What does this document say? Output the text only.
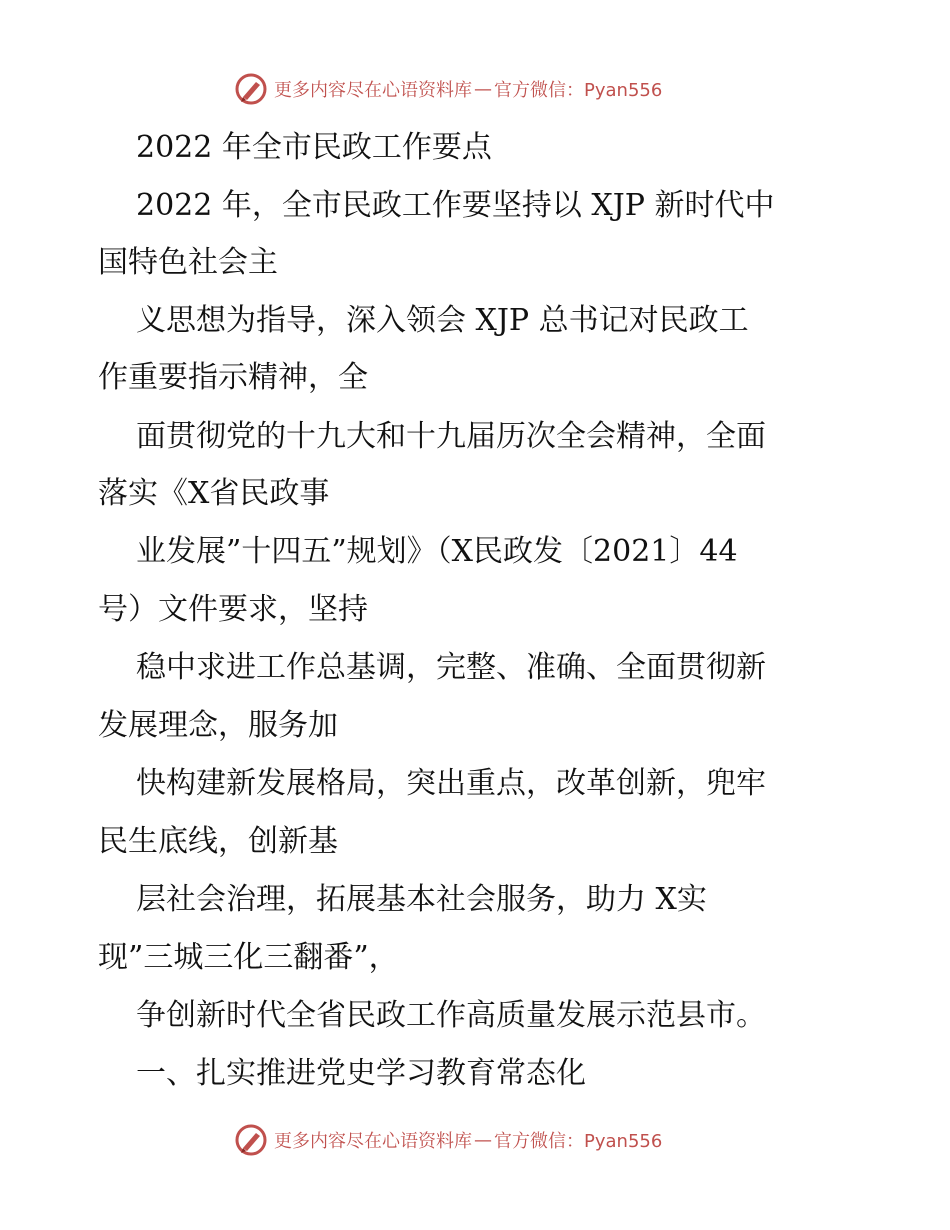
更多内容尽在心语资料库 — 官方微信：Pyan556
2022 年全市民政工作要点
2022 年，全市民政工作要坚持以 XJP 新时代中
国特色社会主
义思想为指导，深入领会 XJP 总书记对民政工
作重要指示精神，全
面贯彻党的十九大和十九届历次全会精神，全面
落实《X省民政事
业发展”十四五”规划》（X民政发〔2021〕44
号）文件要求，坚持
稳中求进工作总基调，完整、准确、全面贯彻新
发展理念，服务加
快构建新发展格局，突出重点，改革创新，兜牢
民生底线，创新基
层社会治理，拓展基本社会服务，助力 X实
现”三城三化三翻番”，
争创新时代全省民政工作高质量发展示范县市。
一、扎实推进党史学习教育常态化
更多内容尽在心语资料库 — 官方微信：Pyan556
